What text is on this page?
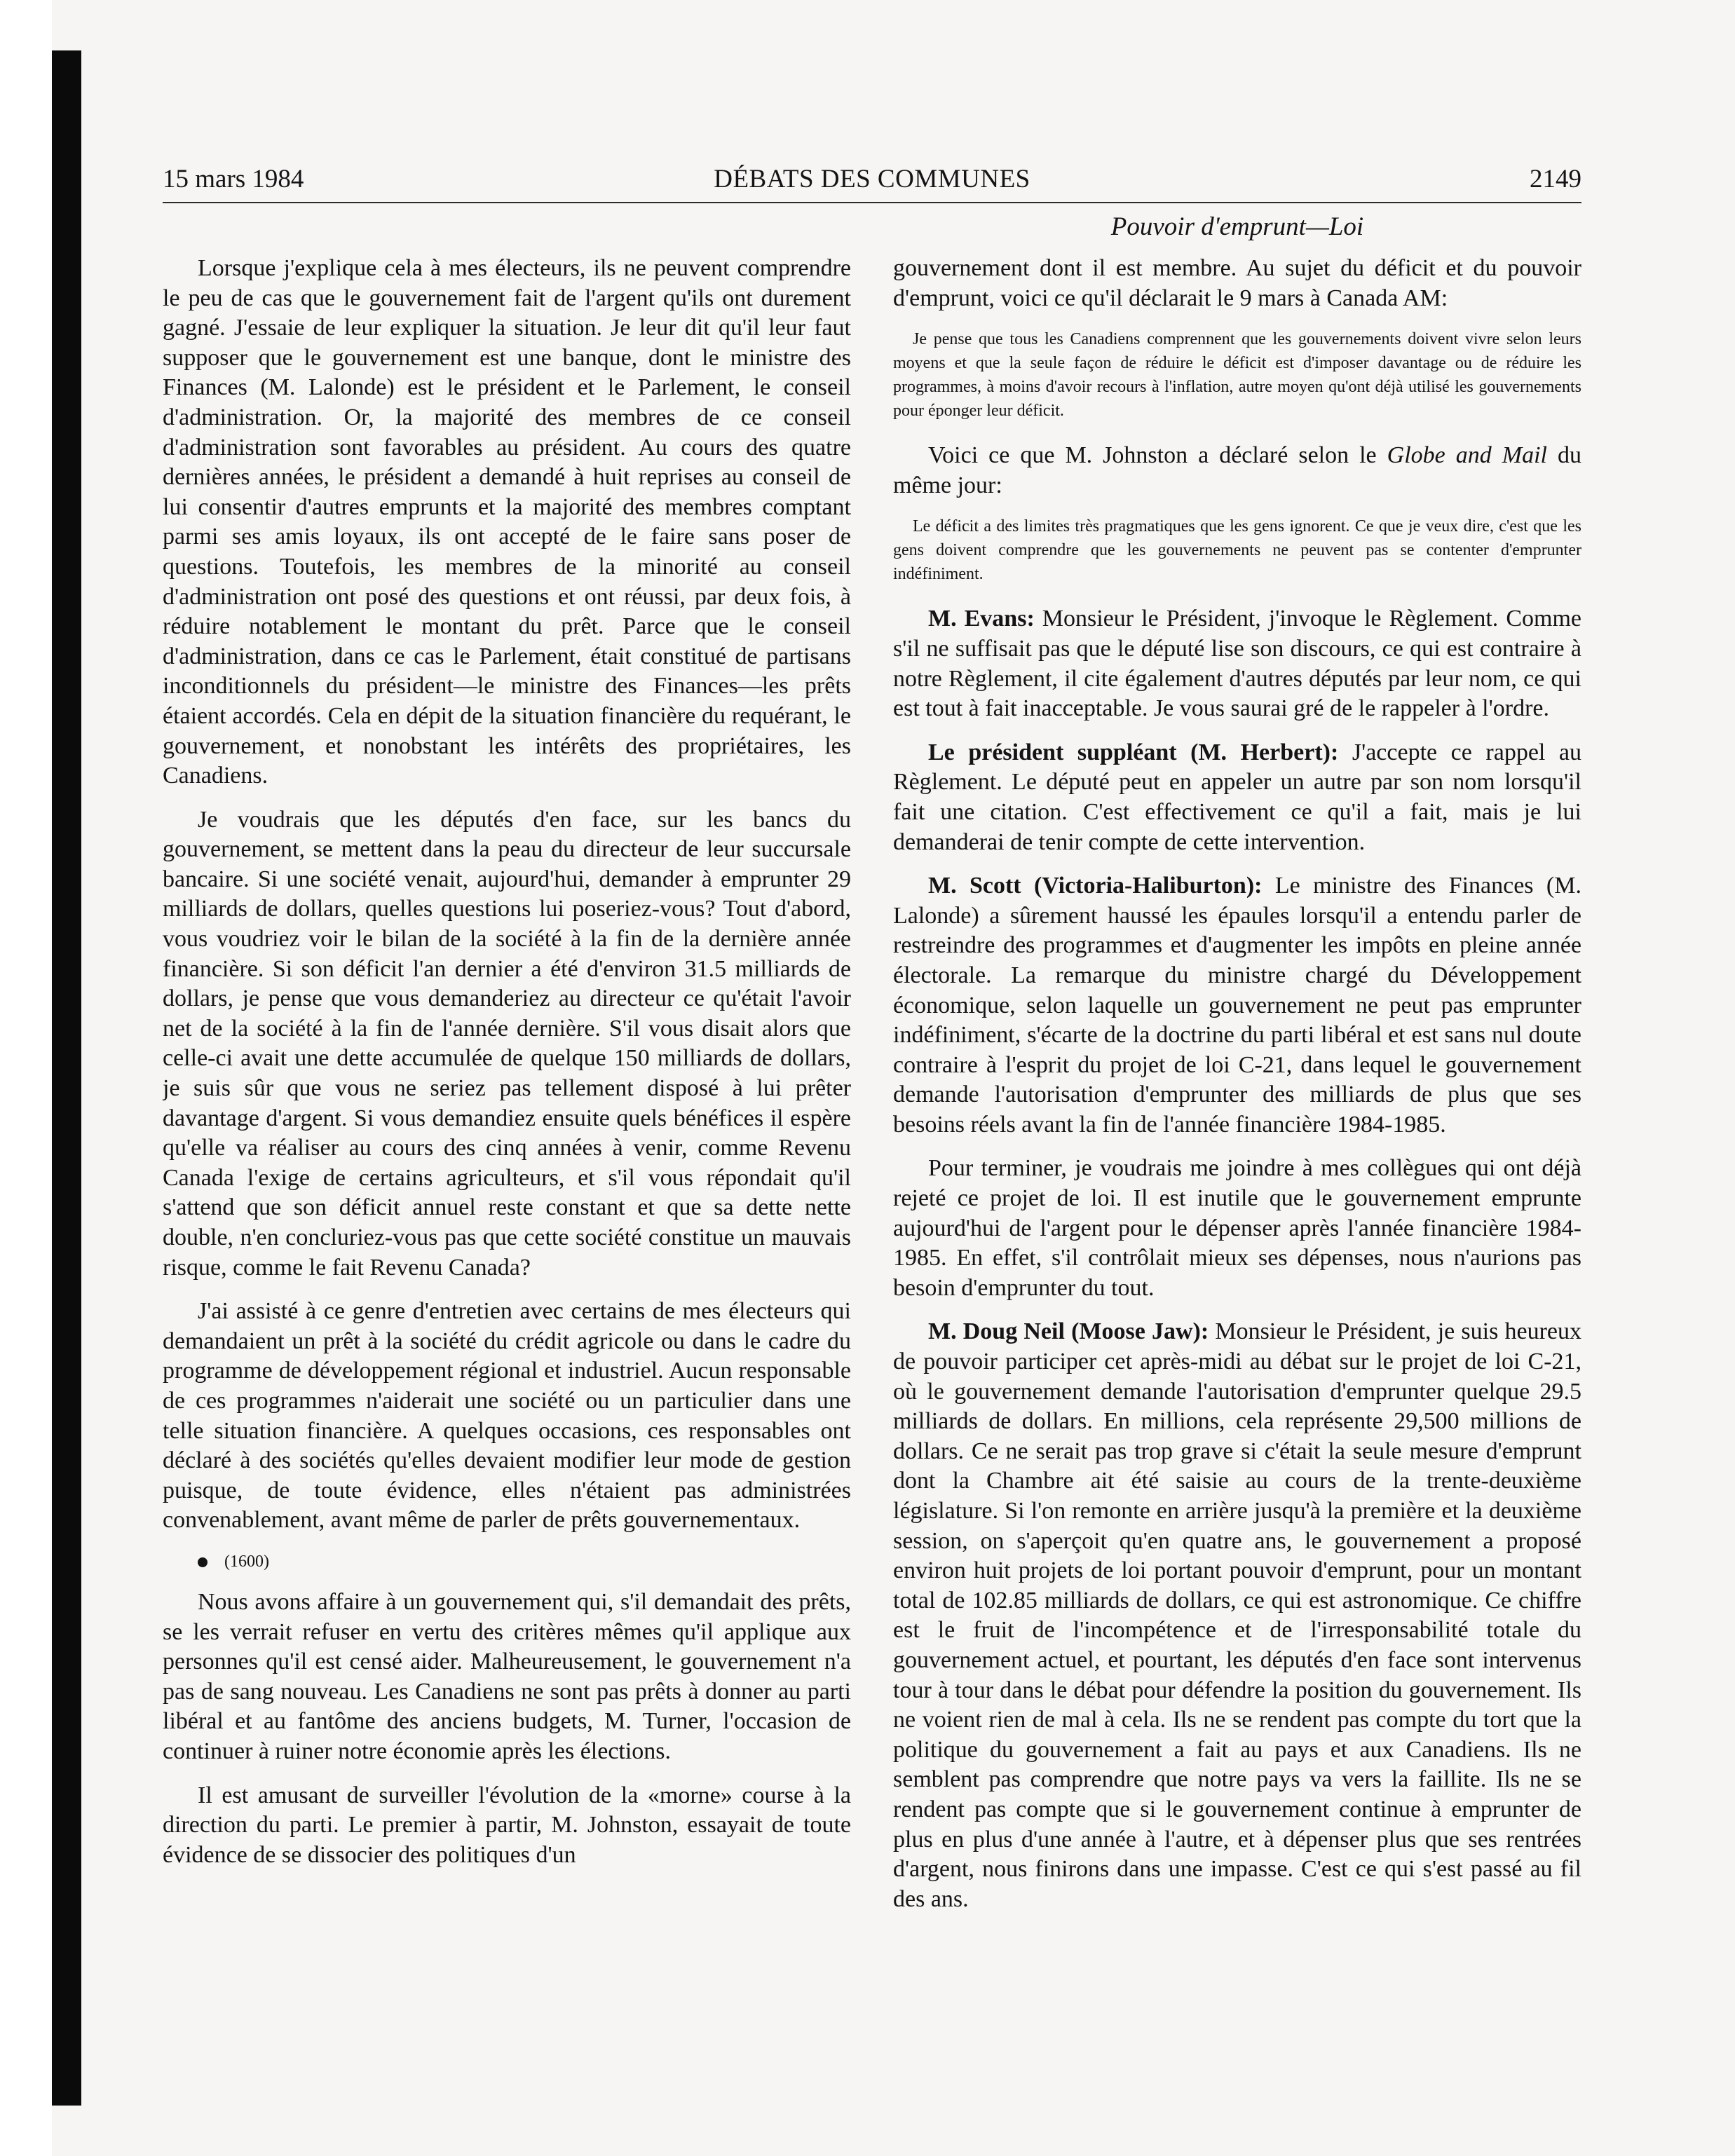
15 mars 1984	DÉBATS DES COMMUNES	2149
Pouvoir d'emprunt—Loi

Lorsque j'explique cela à mes électeurs, ils ne peuvent comprendre le peu de cas que le gouvernement fait de l'argent qu'ils ont durement gagné. J'essaie de leur expliquer la situation. Je leur dit qu'il leur faut supposer que le gouvernement est une banque, dont le ministre des Finances (M. Lalonde) est le président et le Parlement, le conseil d'administration. Or, la majorité des membres de ce conseil d'administration sont favorables au président. Au cours des quatre dernières années, le président a demandé à huit reprises au conseil de lui consentir d'autres emprunts et la majorité des membres comptant parmi ses amis loyaux, ils ont accepté de le faire sans poser de questions. Toutefois, les membres de la minorité au conseil d'administration ont posé des questions et ont réussi, par deux fois, à réduire notablement le montant du prêt. Parce que le conseil d'administration, dans ce cas le Parlement, était constitué de partisans inconditionnels du président—le ministre des Finances—les prêts étaient accordés. Cela en dépit de la situation financière du requérant, le gouvernement, et nonobstant les intérêts des propriétaires, les Canadiens.

Je voudrais que les députés d'en face, sur les bancs du gouvernement, se mettent dans la peau du directeur de leur succursale bancaire. Si une société venait, aujourd'hui, demander à emprunter 29 milliards de dollars, quelles questions lui poseriez-vous? Tout d'abord, vous voudriez voir le bilan de la société à la fin de la dernière année financière. Si son déficit l'an dernier a été d'environ 31.5 milliards de dollars, je pense que vous demanderiez au directeur ce qu'était l'avoir net de la société à la fin de l'année dernière. S'il vous disait alors que celle-ci avait une dette accumulée de quelque 150 milliards de dollars, je suis sûr que vous ne seriez pas tellement disposé à lui prêter davantage d'argent. Si vous demandiez ensuite quels bénéfices il espère qu'elle va réaliser au cours des cinq années à venir, comme Revenu Canada l'exige de certains agriculteurs, et s'il vous répondait qu'il s'attend que son déficit annuel reste constant et que sa dette nette double, n'en concluriez-vous pas que cette société constitue un mauvais risque, comme le fait Revenu Canada?

J'ai assisté à ce genre d'entretien avec certains de mes électeurs qui demandaient un prêt à la société du crédit agricole ou dans le cadre du programme de développement régional et industriel. Aucun responsable de ces programmes n'aiderait une société ou un particulier dans une telle situation financière. A quelques occasions, ces responsables ont déclaré à des sociétés qu'elles devaient modifier leur mode de gestion puisque, de toute évidence, elles n'étaient pas administrées convenablement, avant même de parler de prêts gouvernementaux.

(1600)

Nous avons affaire à un gouvernement qui, s'il demandait des prêts, se les verrait refuser en vertu des critères mêmes qu'il applique aux personnes qu'il est censé aider. Malheureusement, le gouvernement n'a pas de sang nouveau. Les Canadiens ne sont pas prêts à donner au parti libéral et au fantôme des anciens budgets, M. Turner, l'occasion de continuer à ruiner notre économie après les élections.

Il est amusant de surveiller l'évolution de la «morne» course à la direction du parti. Le premier à partir, M. Johnston, essayait de toute évidence de se dissocier des politiques d'un

gouvernement dont il est membre. Au sujet du déficit et du pouvoir d'emprunt, voici ce qu'il déclarait le 9 mars à Canada AM:

Je pense que tous les Canadiens comprennent que les gouvernements doivent vivre selon leurs moyens et que la seule façon de réduire le déficit est d'imposer davantage ou de réduire les programmes, à moins d'avoir recours à l'inflation, autre moyen qu'ont déjà utilisé les gouvernements pour éponger leur déficit.

Voici ce que M. Johnston a déclaré selon le Globe and Mail du même jour:

Le déficit a des limites très pragmatiques que les gens ignorent. Ce que je veux dire, c'est que les gens doivent comprendre que les gouvernements ne peuvent pas se contenter d'emprunter indéfiniment.

M. Evans: Monsieur le Président, j'invoque le Règlement. Comme s'il ne suffisait pas que le député lise son discours, ce qui est contraire à notre Règlement, il cite également d'autres députés par leur nom, ce qui est tout à fait inacceptable. Je vous saurai gré de le rappeler à l'ordre.

Le président suppléant (M. Herbert): J'accepte ce rappel au Règlement. Le député peut en appeler un autre par son nom lorsqu'il fait une citation. C'est effectivement ce qu'il a fait, mais je lui demanderai de tenir compte de cette intervention.

M. Scott (Victoria-Haliburton): Le ministre des Finances (M. Lalonde) a sûrement haussé les épaules lorsqu'il a entendu parler de restreindre des programmes et d'augmenter les impôts en pleine année électorale. La remarque du ministre chargé du Développement économique, selon laquelle un gouvernement ne peut pas emprunter indéfiniment, s'écarte de la doctrine du parti libéral et est sans nul doute contraire à l'esprit du projet de loi C-21, dans lequel le gouvernement demande l'autorisation d'emprunter des milliards de plus que ses besoins réels avant la fin de l'année financière 1984-1985.

Pour terminer, je voudrais me joindre à mes collègues qui ont déjà rejeté ce projet de loi. Il est inutile que le gouvernement emprunte aujourd'hui de l'argent pour le dépenser après l'année financière 1984-1985. En effet, s'il contrôlait mieux ses dépenses, nous n'aurions pas besoin d'emprunter du tout.

M. Doug Neil (Moose Jaw): Monsieur le Président, je suis heureux de pouvoir participer cet après-midi au débat sur le projet de loi C-21, où le gouvernement demande l'autorisation d'emprunter quelque 29.5 milliards de dollars. En millions, cela représente 29,500 millions de dollars. Ce ne serait pas trop grave si c'était la seule mesure d'emprunt dont la Chambre ait été saisie au cours de la trente-deuxième législature. Si l'on remonte en arrière jusqu'à la première et la deuxième session, on s'aperçoit qu'en quatre ans, le gouvernement a proposé environ huit projets de loi portant pouvoir d'emprunt, pour un montant total de 102.85 milliards de dollars, ce qui est astronomique. Ce chiffre est le fruit de l'incompétence et de l'irresponsabilité totale du gouvernement actuel, et pourtant, les députés d'en face sont intervenus tour à tour dans le débat pour défendre la position du gouvernement. Ils ne voient rien de mal à cela. Ils ne se rendent pas compte du tort que la politique du gouvernement a fait au pays et aux Canadiens. Ils ne semblent pas comprendre que notre pays va vers la faillite. Ils ne se rendent pas compte que si le gouvernement continue à emprunter de plus en plus d'une année à l'autre, et à dépenser plus que ses rentrées d'argent, nous finirons dans une impasse. C'est ce qui s'est passé au fil des ans.
